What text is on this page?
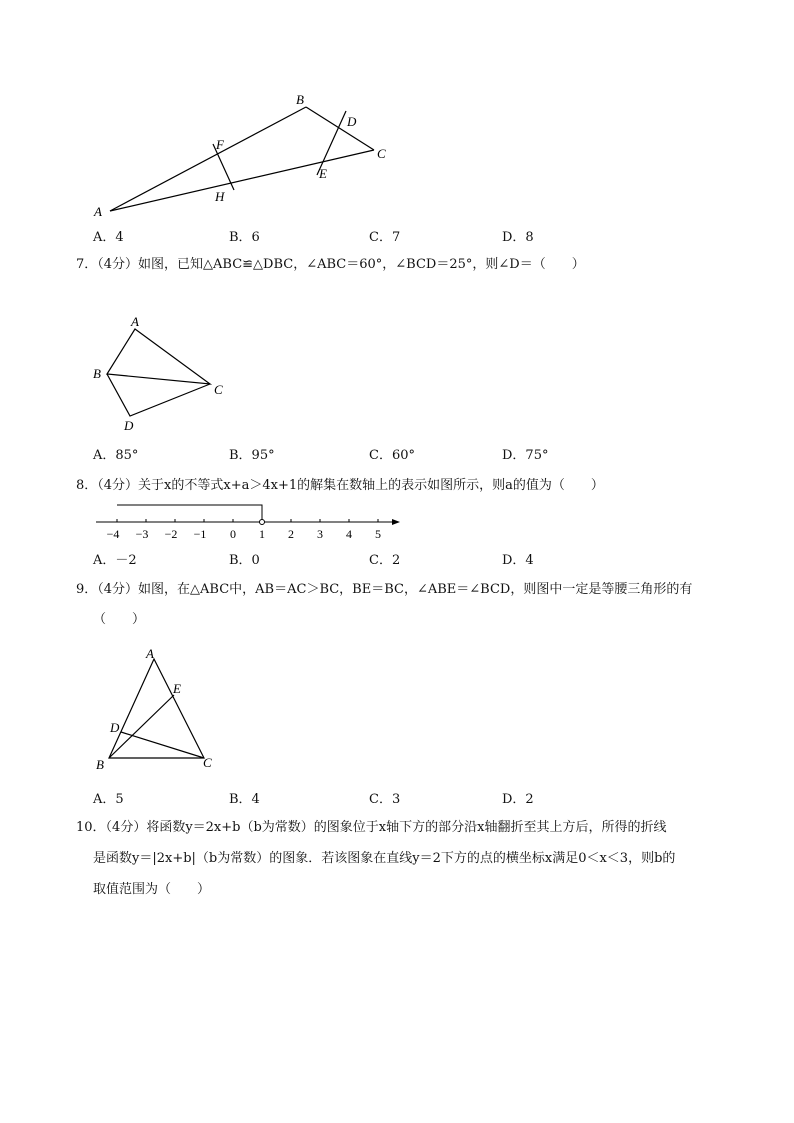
A
B
C
D
E
F
H
A．4	B．6	C．7	D．8
7．（4分）如图，已知△ABC≌△DBC，∠ABC＝60°，∠BCD＝25°，则∠D＝（　　）
A
B
C
D
A．85°	B．95°	C．60°	D．75°
8．（4分）关于x的不等式x+a＞4x+1的解集在数轴上的表示如图所示，则a的值为（　　）
−4 −3 −2 −1 0 1 2 3 4 5
A．－2	B．0	C．2	D．4
9．（4分）如图，在△ABC中，AB＝AC＞BC，BE＝BC，∠ABE＝∠BCD，则图中一定是等腰三角形的有
（　　）
A
B	C
D
E
A．5	B．4	C．3	D．2
10．（4分）将函数y＝2x+b（b为常数）的图象位于x轴下方的部分沿x轴翻折至其上方后，所得的折线
是函数y＝|2x+b|（b为常数）的图象．若该图象在直线y＝2下方的点的横坐标x满足0＜x＜3，则b的
取值范围为（　　）
